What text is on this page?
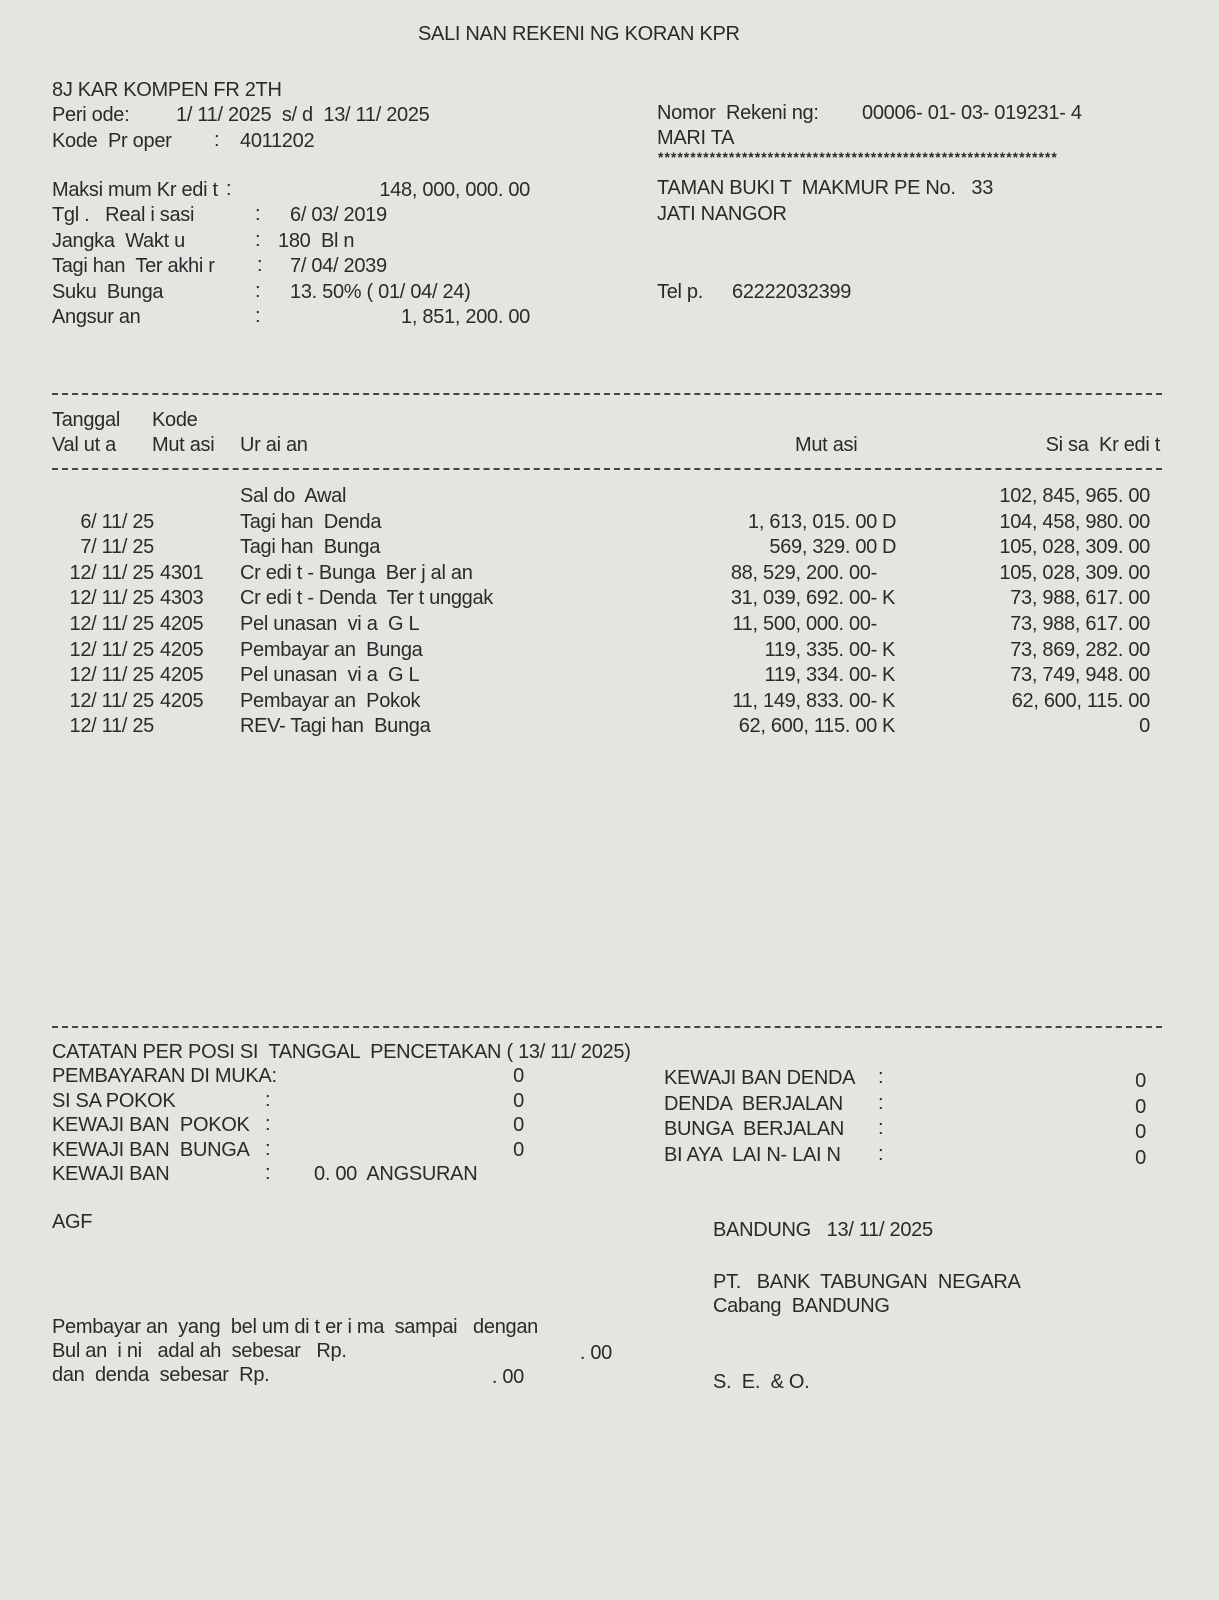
SALI NAN REKENI NG KORAN KPR
8J KAR KOMPEN FR 2TH
Peri ode: 1/ 11/ 2025  s/ d  13/ 11/ 2025
Kode  Pr oper : 4011202
Nomor  Rekeni ng: 00006- 01- 03- 019231- 4
MARI TA
**************************************************************
TAMAN BUKI T  MAKMUR PE No.   33
JATI NANGOR
Tel p. 62222032399
Maksi mum Kr edi t :	148, 000, 000. 00
Tgl .   Real i sasi	: 6/ 03/ 2019
Jangka  Wakt u	: 180  Bl n
Tagi han  Ter akhi r : 7/ 04/ 2039
Suku  Bunga	: 13. 50% ( 01/ 04/ 24)
Angsur an	:	1, 851, 200. 00
Tanggal Kode
Val ut a Mut asi Ur ai an	Mut asi	Si sa  Kr edi t
Sal do  Awal	102, 845, 965. 00
6/ 11/ 25	Tagi han  Denda	1, 613, 015. 00 D	104, 458, 980. 00
7/ 11/ 25	Tagi han  Bunga	569, 329. 00 D	105, 028, 309. 00
12/ 11/ 25 4301 Cr edi t - Bunga  Ber j al an	88, 529, 200. 00-	105, 028, 309. 00
12/ 11/ 25 4303 Cr edi t - Denda  Ter t unggak	31, 039, 692. 00- K	73, 988, 617. 00
12/ 11/ 25 4205 Pel unasan  vi a  G L	11, 500, 000. 00-	73, 988, 617. 00
12/ 11/ 25 4205 Pembayar an  Bunga	119, 335. 00- K	73, 869, 282. 00
12/ 11/ 25 4205 Pel unasan  vi a  G L	119, 334. 00- K	73, 749, 948. 00
12/ 11/ 25 4205 Pembayar an  Pokok	11, 149, 833. 00- K	62, 600, 115. 00
12/ 11/ 25	REV- Tagi han  Bunga	62, 600, 115. 00 K	0
CATATAN PER POSI SI  TANGGAL  PENCETAKAN ( 13/ 11/ 2025)
PEMBAYARAN DI MUKA:	0
SI SA POKOK	:	0
KEWAJI BAN  POKOK :	0
KEWAJI BAN  BUNGA :	0
KEWAJI BAN DENDA :	0
DENDA  BERJALAN :	0
BUNGA  BERJALAN :	0
BI AYA  LAI N- LAI N :	0
KEWAJI BAN	: 0. 00  ANGSURAN
AGF	BANDUNG   13/ 11/ 2025
PT.   BANK  TABUNGAN  NEGARA
Cabang  BANDUNG
S.  E.  & O.
Pembayar an  yang  bel um di t er i ma  sampai   dengan
Bul an  i ni   adal ah  sebesar   Rp.	. 00
dan  denda  sebesar  Rp.	. 00
